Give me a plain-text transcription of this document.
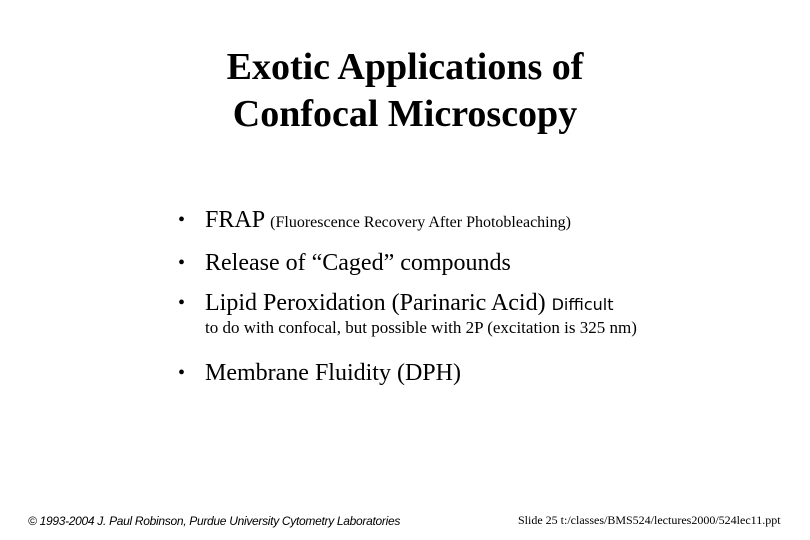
Exotic Applications of
Confocal Microscopy
• FRAP (Fluorescence Recovery After Photobleaching)
• Release of “Caged” compounds
• Lipid Peroxidation (Parinaric Acid) Difficult
to do with confocal, but possible with 2P (excitation is 325 nm)
• Membrane Fluidity (DPH)
© 1993-2004 J. Paul Robinson, Purdue University Cytometry Laboratories	Slide 25 t:/classes/BMS524/lectures2000/524lec11.ppt
